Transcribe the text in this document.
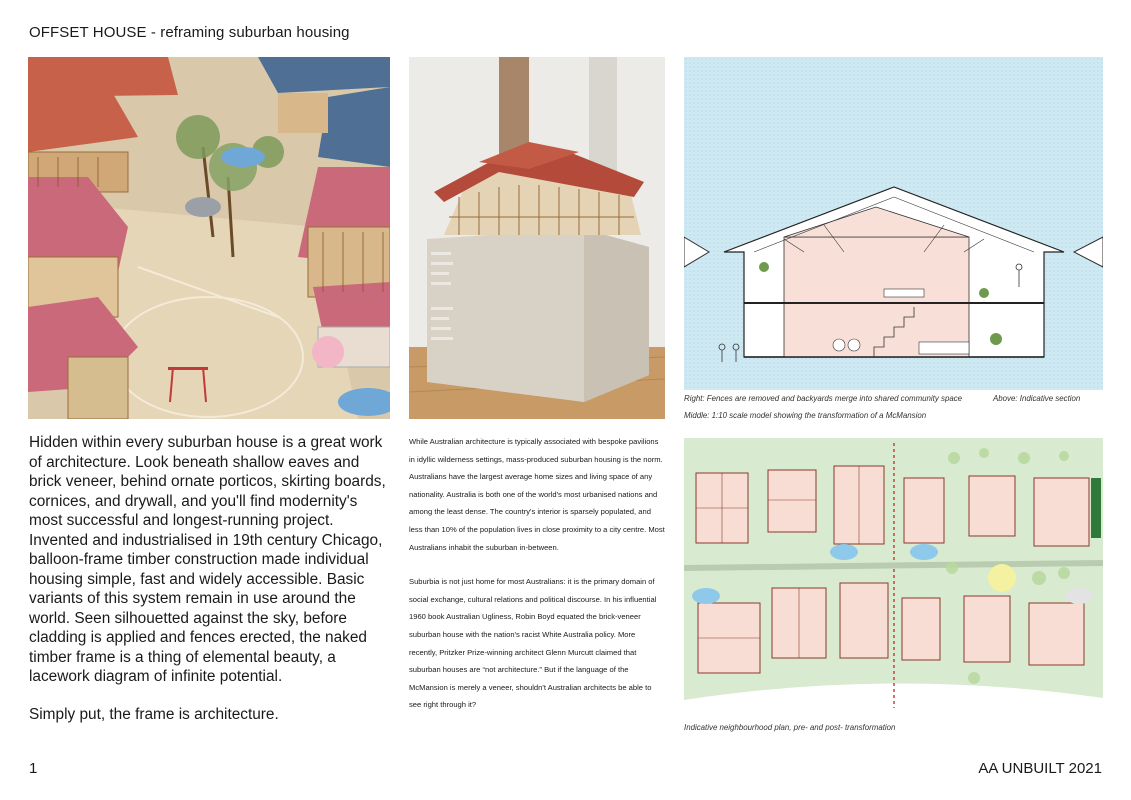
OFFSET HOUSE - reframing suburban housing

Hidden within every suburban house is a great work of architecture. Look beneath shallow eaves and brick veneer, behind ornate porticos, skirting boards, cornices, and drywall, and you'll find modernity's most successful and longest-running project. Invented and industrialised in 19th century Chicago, balloon-frame timber construction made individual housing simple, fast and widely accessible. Basic variants of this system remain in use around the world. Seen silhouetted against the sky, before cladding is applied and fences erected, the naked timber frame is a thing of elemental beauty, a lacework diagram of infinite potential.

Simply put, the frame is architecture.

While Australian architecture is typically associated with bespoke pavilions in idyllic wilderness settings, mass-produced suburban housing is the norm. Australians have the largest average home sizes and living space of any nationality. Australia is both one of the world's most urbanised nations and among the least dense. The country's interior is sparsely populated, and less than 10% of the population lives in close proximity to a city centre. Most Australians inhabit the suburban in-between.

Suburbia is not just home for most Australians: it is the primary domain of social exchange, cultural relations and political discourse. In his influential 1960 book Australian Ugliness, Robin Boyd equated the brick-veneer suburban house with the nation's racist White Australia policy. More recently, Pritzker Prize-winning architect Glenn Murcutt claimed that suburban houses are “not architecture.” But if the language of the McMansion is merely a veneer, shouldn't Australian architects be able to see right through it?

Right: Fences are removed and backyards merge into shared community space	Above: Indicative section
Middle: 1:10 scale model showing the transformation of a McMansion
Indicative neighbourhood plan, pre- and post- transformation
1	AA UNBUILT 2021
